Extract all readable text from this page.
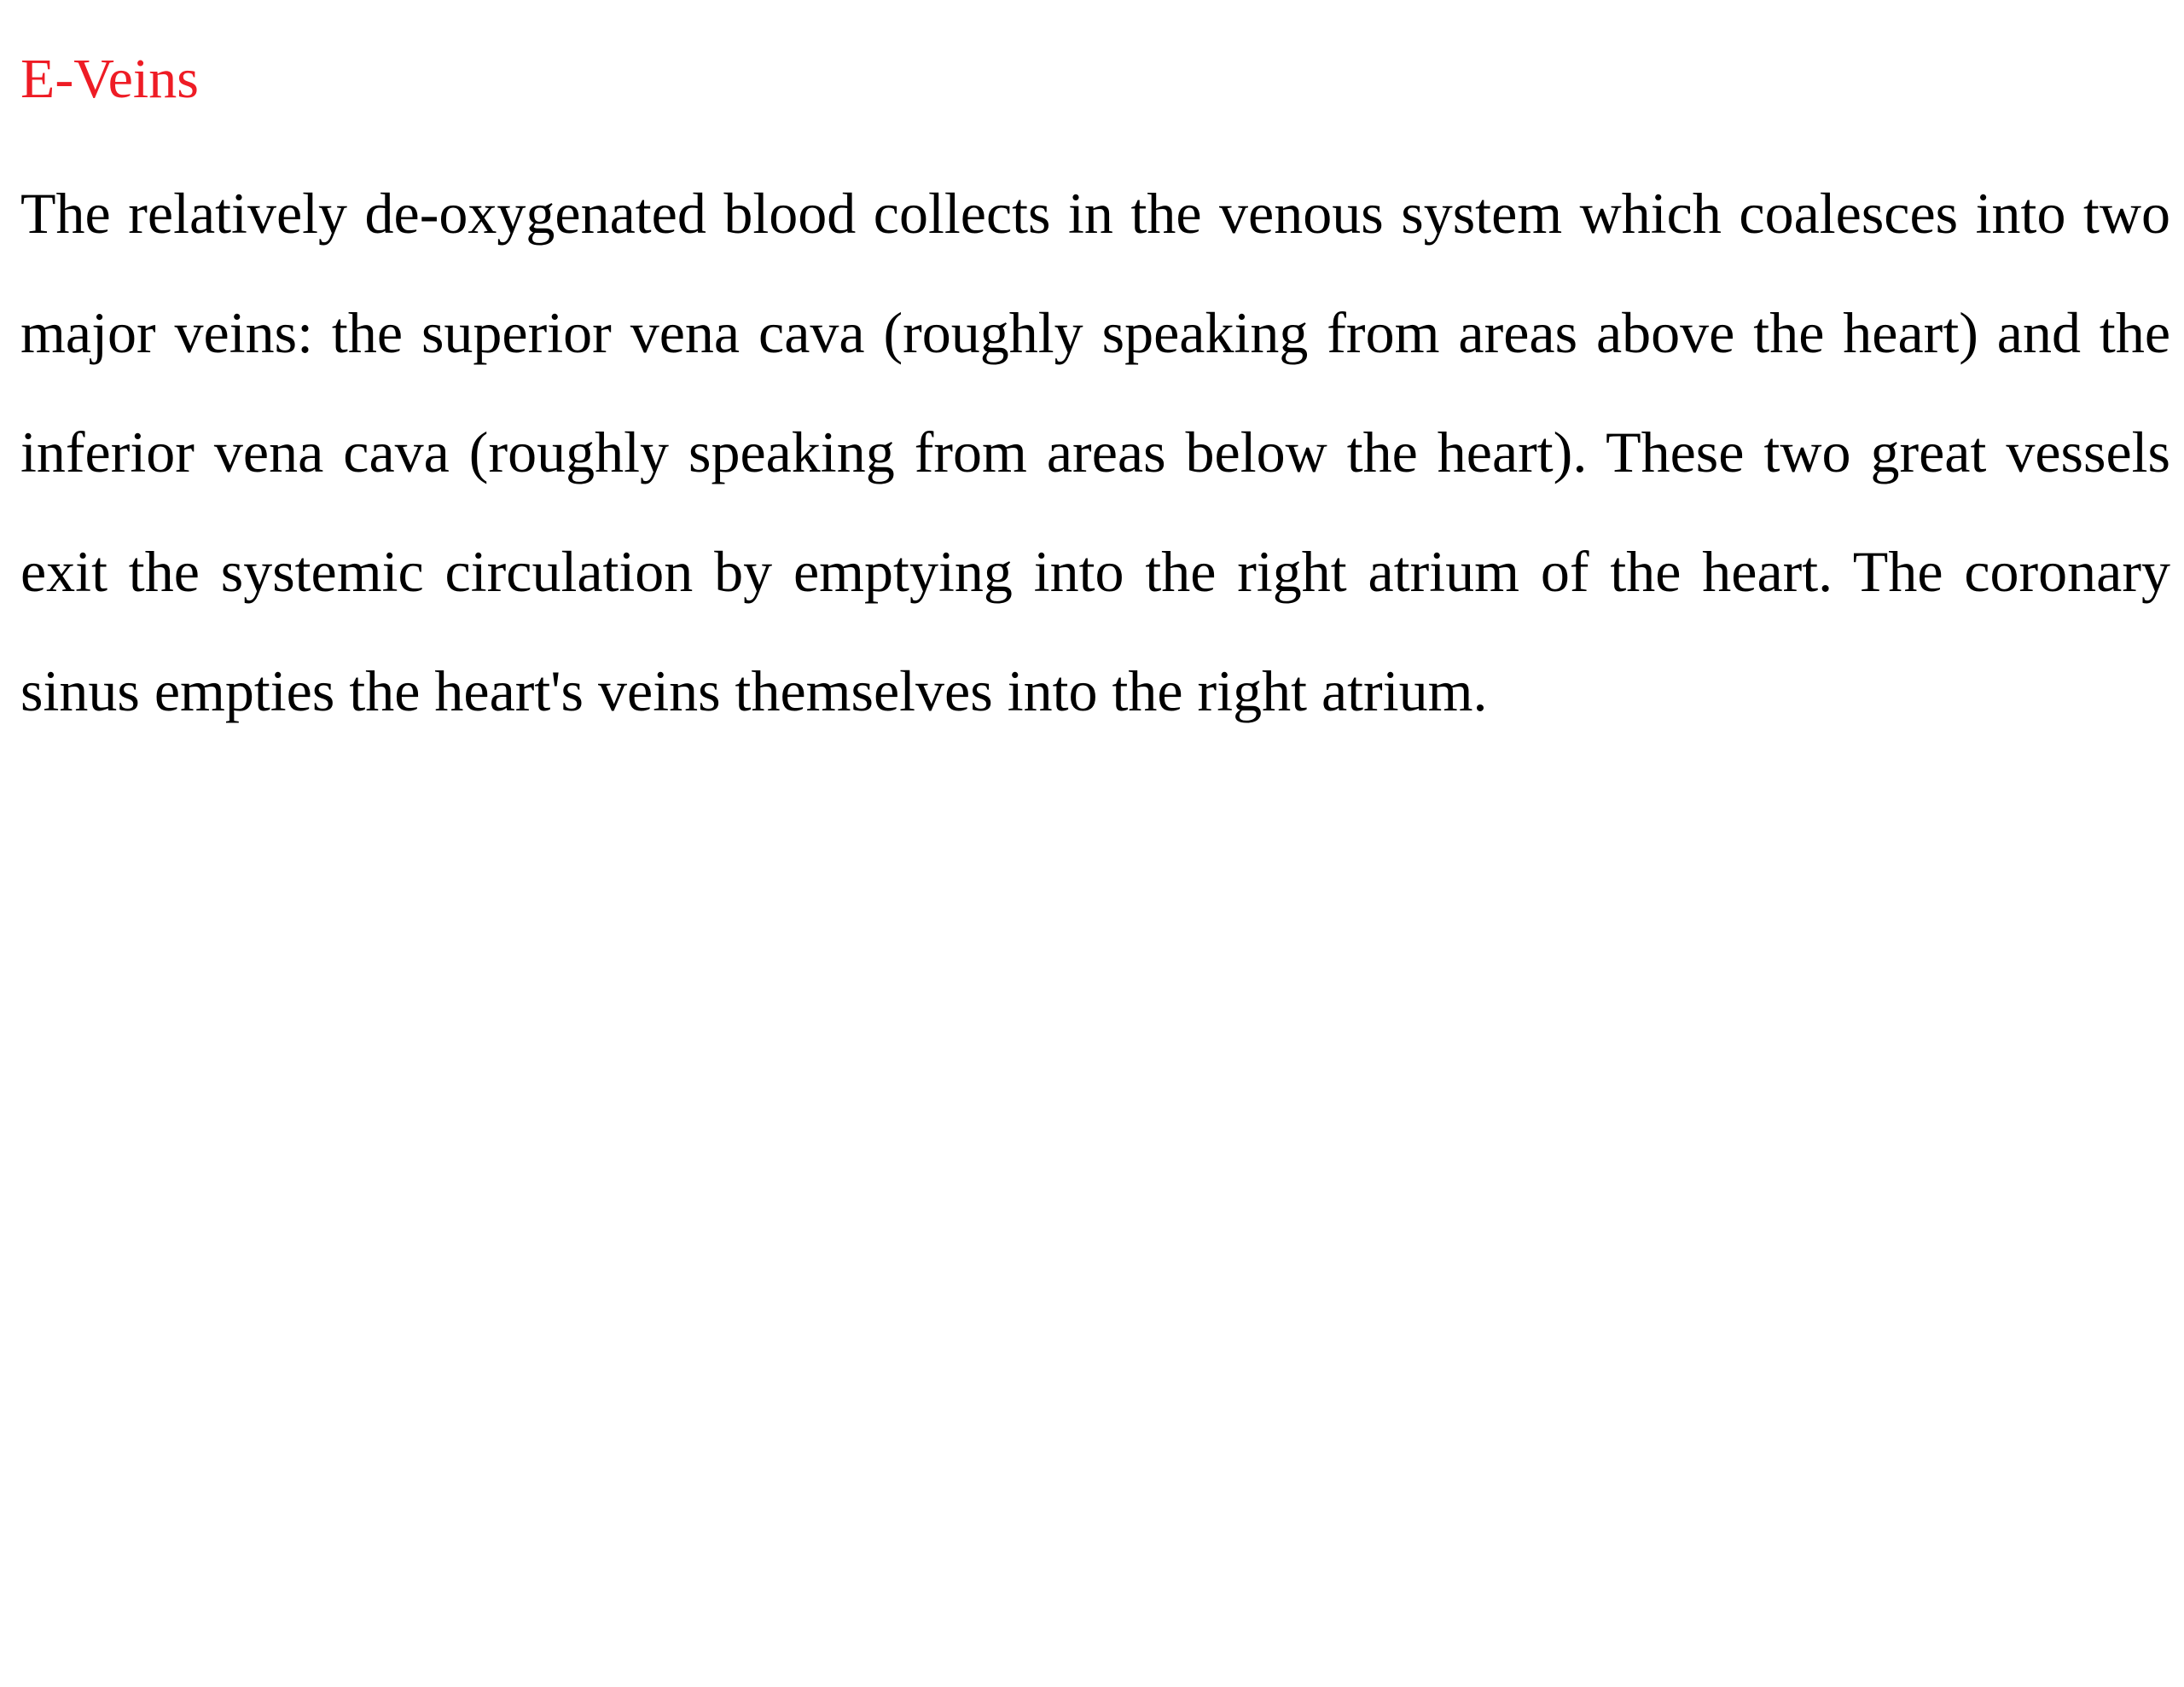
E-Veins

The relatively de-oxygenated blood collects in the venous system which coalesces into two major veins: the superior vena cava (roughly speaking from areas above the heart) and the inferior vena cava (roughly speaking from areas below the heart). These two great vessels exit the systemic circulation by emptying into the right atrium of the heart. The coronary sinus empties the heart's veins themselves into the right atrium.
